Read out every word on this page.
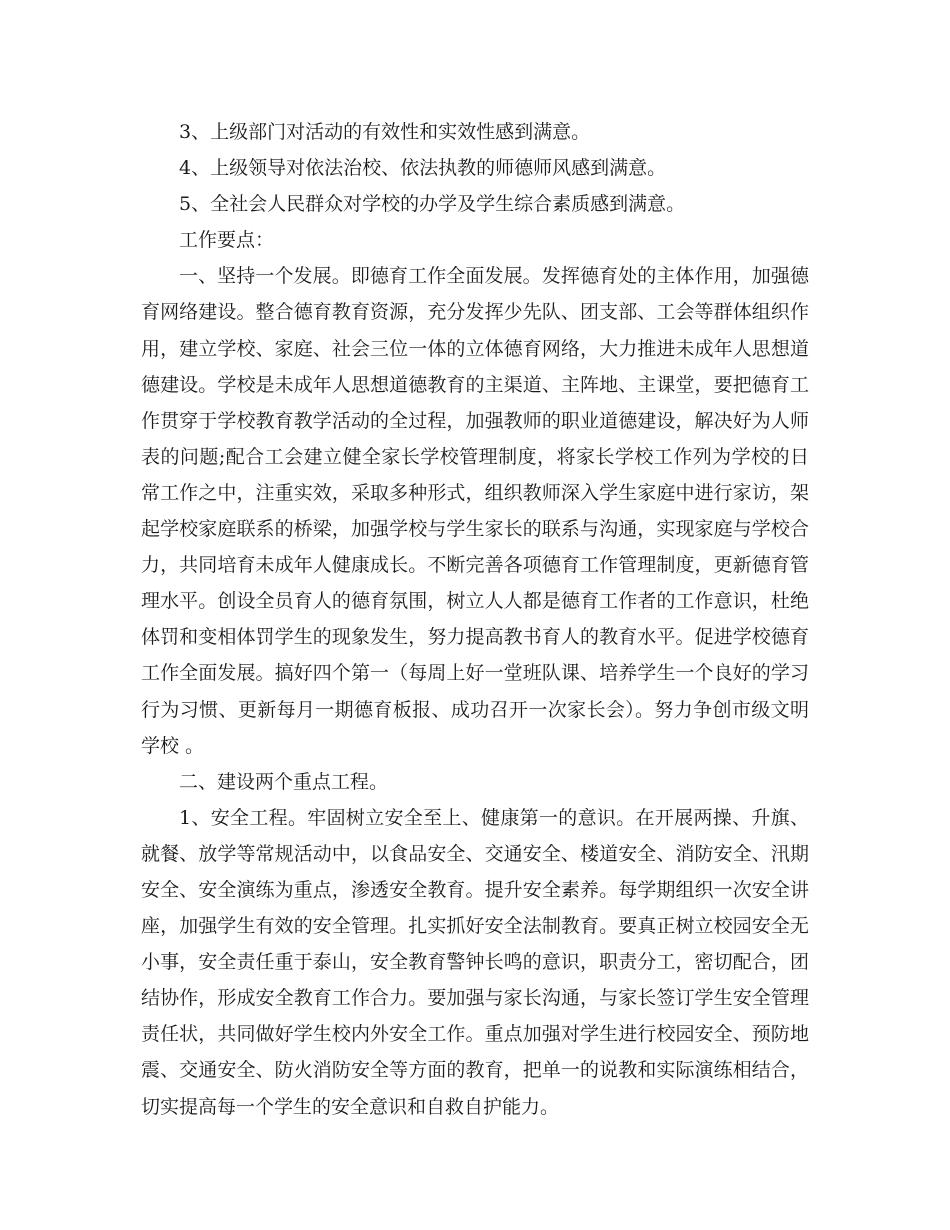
3、上级部门对活动的有效性和实效性感到满意。

4、上级领导对依法治校、依法执教的师德师风感到满意。

5、全社会人民群众对学校的办学及学生综合素质感到满意。

工作要点：

一、坚持一个发展。即德育工作全面发展。发挥德育处的主体作用，加强德育网络建设。整合德育教育资源，充分发挥少先队、团支部、工会等群体组织作用，建立学校、家庭、社会三位一体的立体德育网络，大力推进未成年人思想道德建设。学校是未成年人思想道德教育的主渠道、主阵地、主课堂，要把德育工作贯穿于学校教育教学活动的全过程，加强教师的职业道德建设，解决好为人师表的问题;配合工会建立健全家长学校管理制度，将家长学校工作列为学校的日常工作之中，注重实效，采取多种形式，组织教师深入学生家庭中进行家访，架起学校家庭联系的桥梁，加强学校与学生家长的联系与沟通，实现家庭与学校合力，共同培育未成年人健康成长。不断完善各项德育工作管理制度，更新德育管理水平。创设全员育人的德育氛围，树立人人都是德育工作者的工作意识，杜绝体罚和变相体罚学生的现象发生，努力提高教书育人的教育水平。促进学校德育工作全面发展。搞好四个第一（每周上好一堂班队课、培养学生一个良好的学习行为习惯、更新每月一期德育板报、成功召开一次家长会）。努力争创市级文明学校 。

二、建设两个重点工程。

1、安全工程。牢固树立安全至上、健康第一的意识。在开展两操、升旗、就餐、放学等常规活动中，以食品安全、交通安全、楼道安全、消防安全、汛期安全、安全演练为重点，渗透安全教育。提升安全素养。每学期组织一次安全讲座，加强学生有效的安全管理。扎实抓好安全法制教育。要真正树立校园安全无小事，安全责任重于泰山，安全教育警钟长鸣的意识，职责分工，密切配合，团结协作，形成安全教育工作合力。要加强与家长沟通，与家长签订学生安全管理责任状，共同做好学生校内外安全工作。重点加强对学生进行校园安全、预防地震、交通安全、防火消防安全等方面的教育，把单一的说教和实际演练相结合，切实提高每一个学生的安全意识和自救自护能力。
